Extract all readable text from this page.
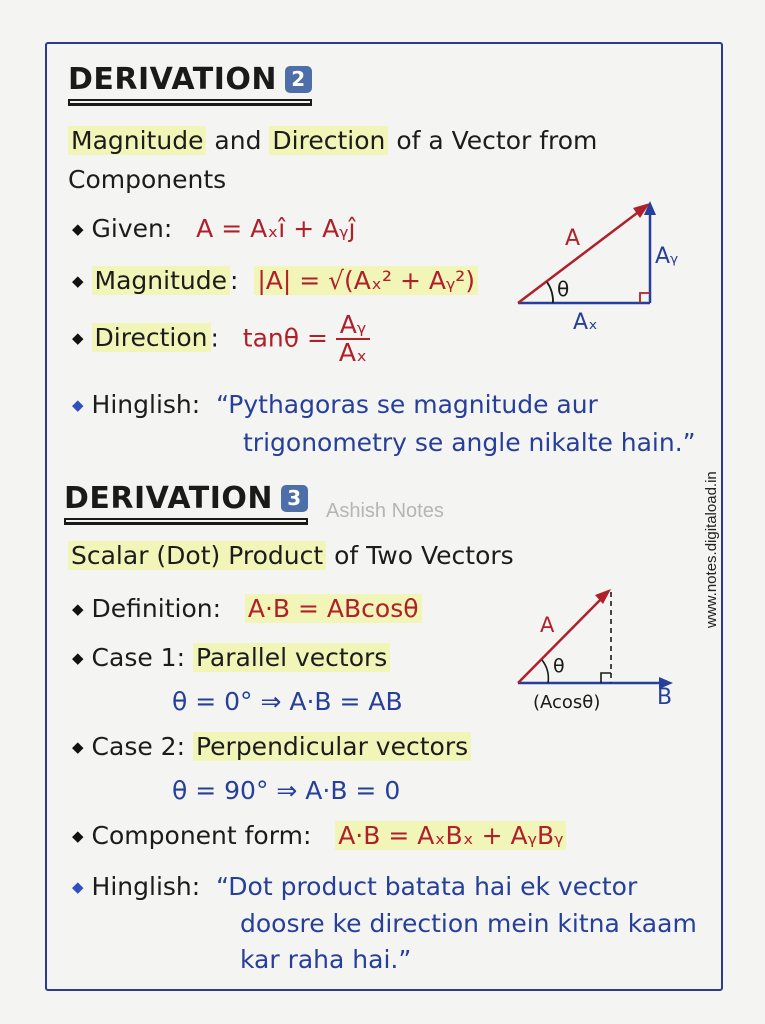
DERIVATION 2
Magnitude and Direction of a Vector from
Components
◆ Given:   A = Aₓî + Aᵧĵ
◆ Magnitude :  |A| = √(Aₓ² + Aᵧ²)
◆ Direction :   $\tan\theta = \frac{\text{Aᵧ}}{\text{Aₓ}}$
◆ Hinglish:  “Pythagoras se magnitude aur
trigonometry se angle nikalte hain.”
θ
A
Aᵧ
Aₓ
DERIVATION 3
Ashish Notes
Scalar (Dot) Product of Two Vectors
◆ Definition:   A·B = ABcosθ
◆ Case 1: Parallel vectors
θ = 0° ⇒ A·B = AB
◆ Case 2: Perpendicular vectors
θ = 90° ⇒ A·B = 0
◆ Component form:   A·B = AₓBₓ + AᵧBᵧ
◆ Hinglish:  “Dot product batata hai ek vector
doosre ke direction mein kitna kaam
kar raha hai.”
θ
A
B
(Acosθ)
www.notes.digitaload.in
